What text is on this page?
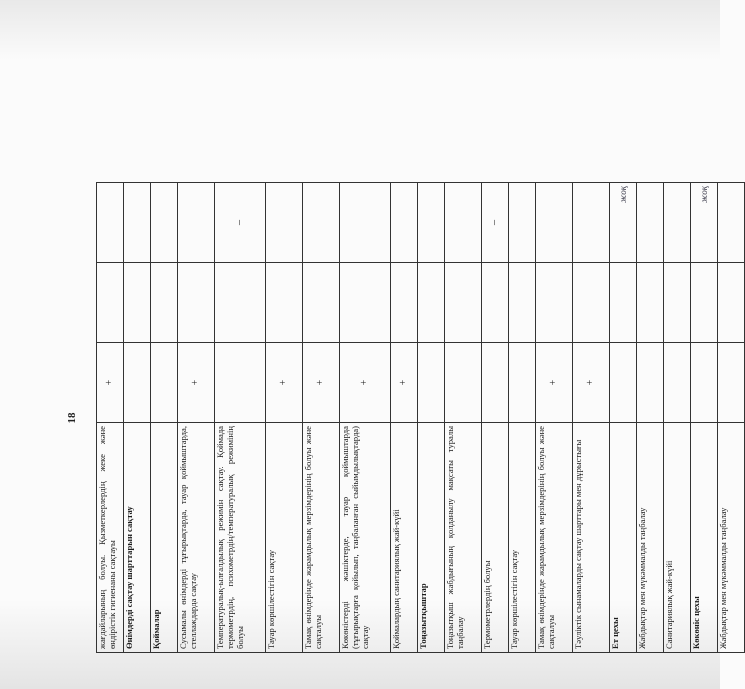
18
жағдайларының болуы. Қызметкерлердің жеке және өндірістік гигиенаны сақтауы	+		
Өнімдерді сақтау шарттарын сақтау			
Қоймалар			
Сусымалы өнімдерді тұғырықтарда, тауар қоймыштарда, стеллаждарда сақтау	+		
Температуралық-ылғалдылық режимін сақтау. Қоймада термометрдің, психометрдің/температуралық режимінің болуы			–
Тауар көршілестігін сақтау	+		
Тамақ өнімдерінде жарамдылық мерзімдерінің болуы және сақталуы	+		
Көкөністерді жәшіктерде, тауар қоймыштарда (тұғырықтарға қойылып, таңбаланған сыйымдылықтарда) сақтау	+		
Қоймалардың санитариялық жай-күйі	+		
Тоңазытқыштар			
Тоңазытқыш жабдығының қолданылу мақсаты туралы таңбалау			
Термометрлердің болуы			–
Тауар көршілестігін сақтау			
Тамақ өнімдерінде жарамдылық мерзімдерінің болуы және сақталуы	+		
Тәуліктік сынамаларды сақтау шарттары мен дұрыстығы	+		
Ет цехы			жоқ
Жабдықтар мен мүкәммалды таңбалау			
Санитариялық жай-күйі			
Көкөніс цехы			жоқ
Жабдықтар мен мүкәммалды таңбалау			
